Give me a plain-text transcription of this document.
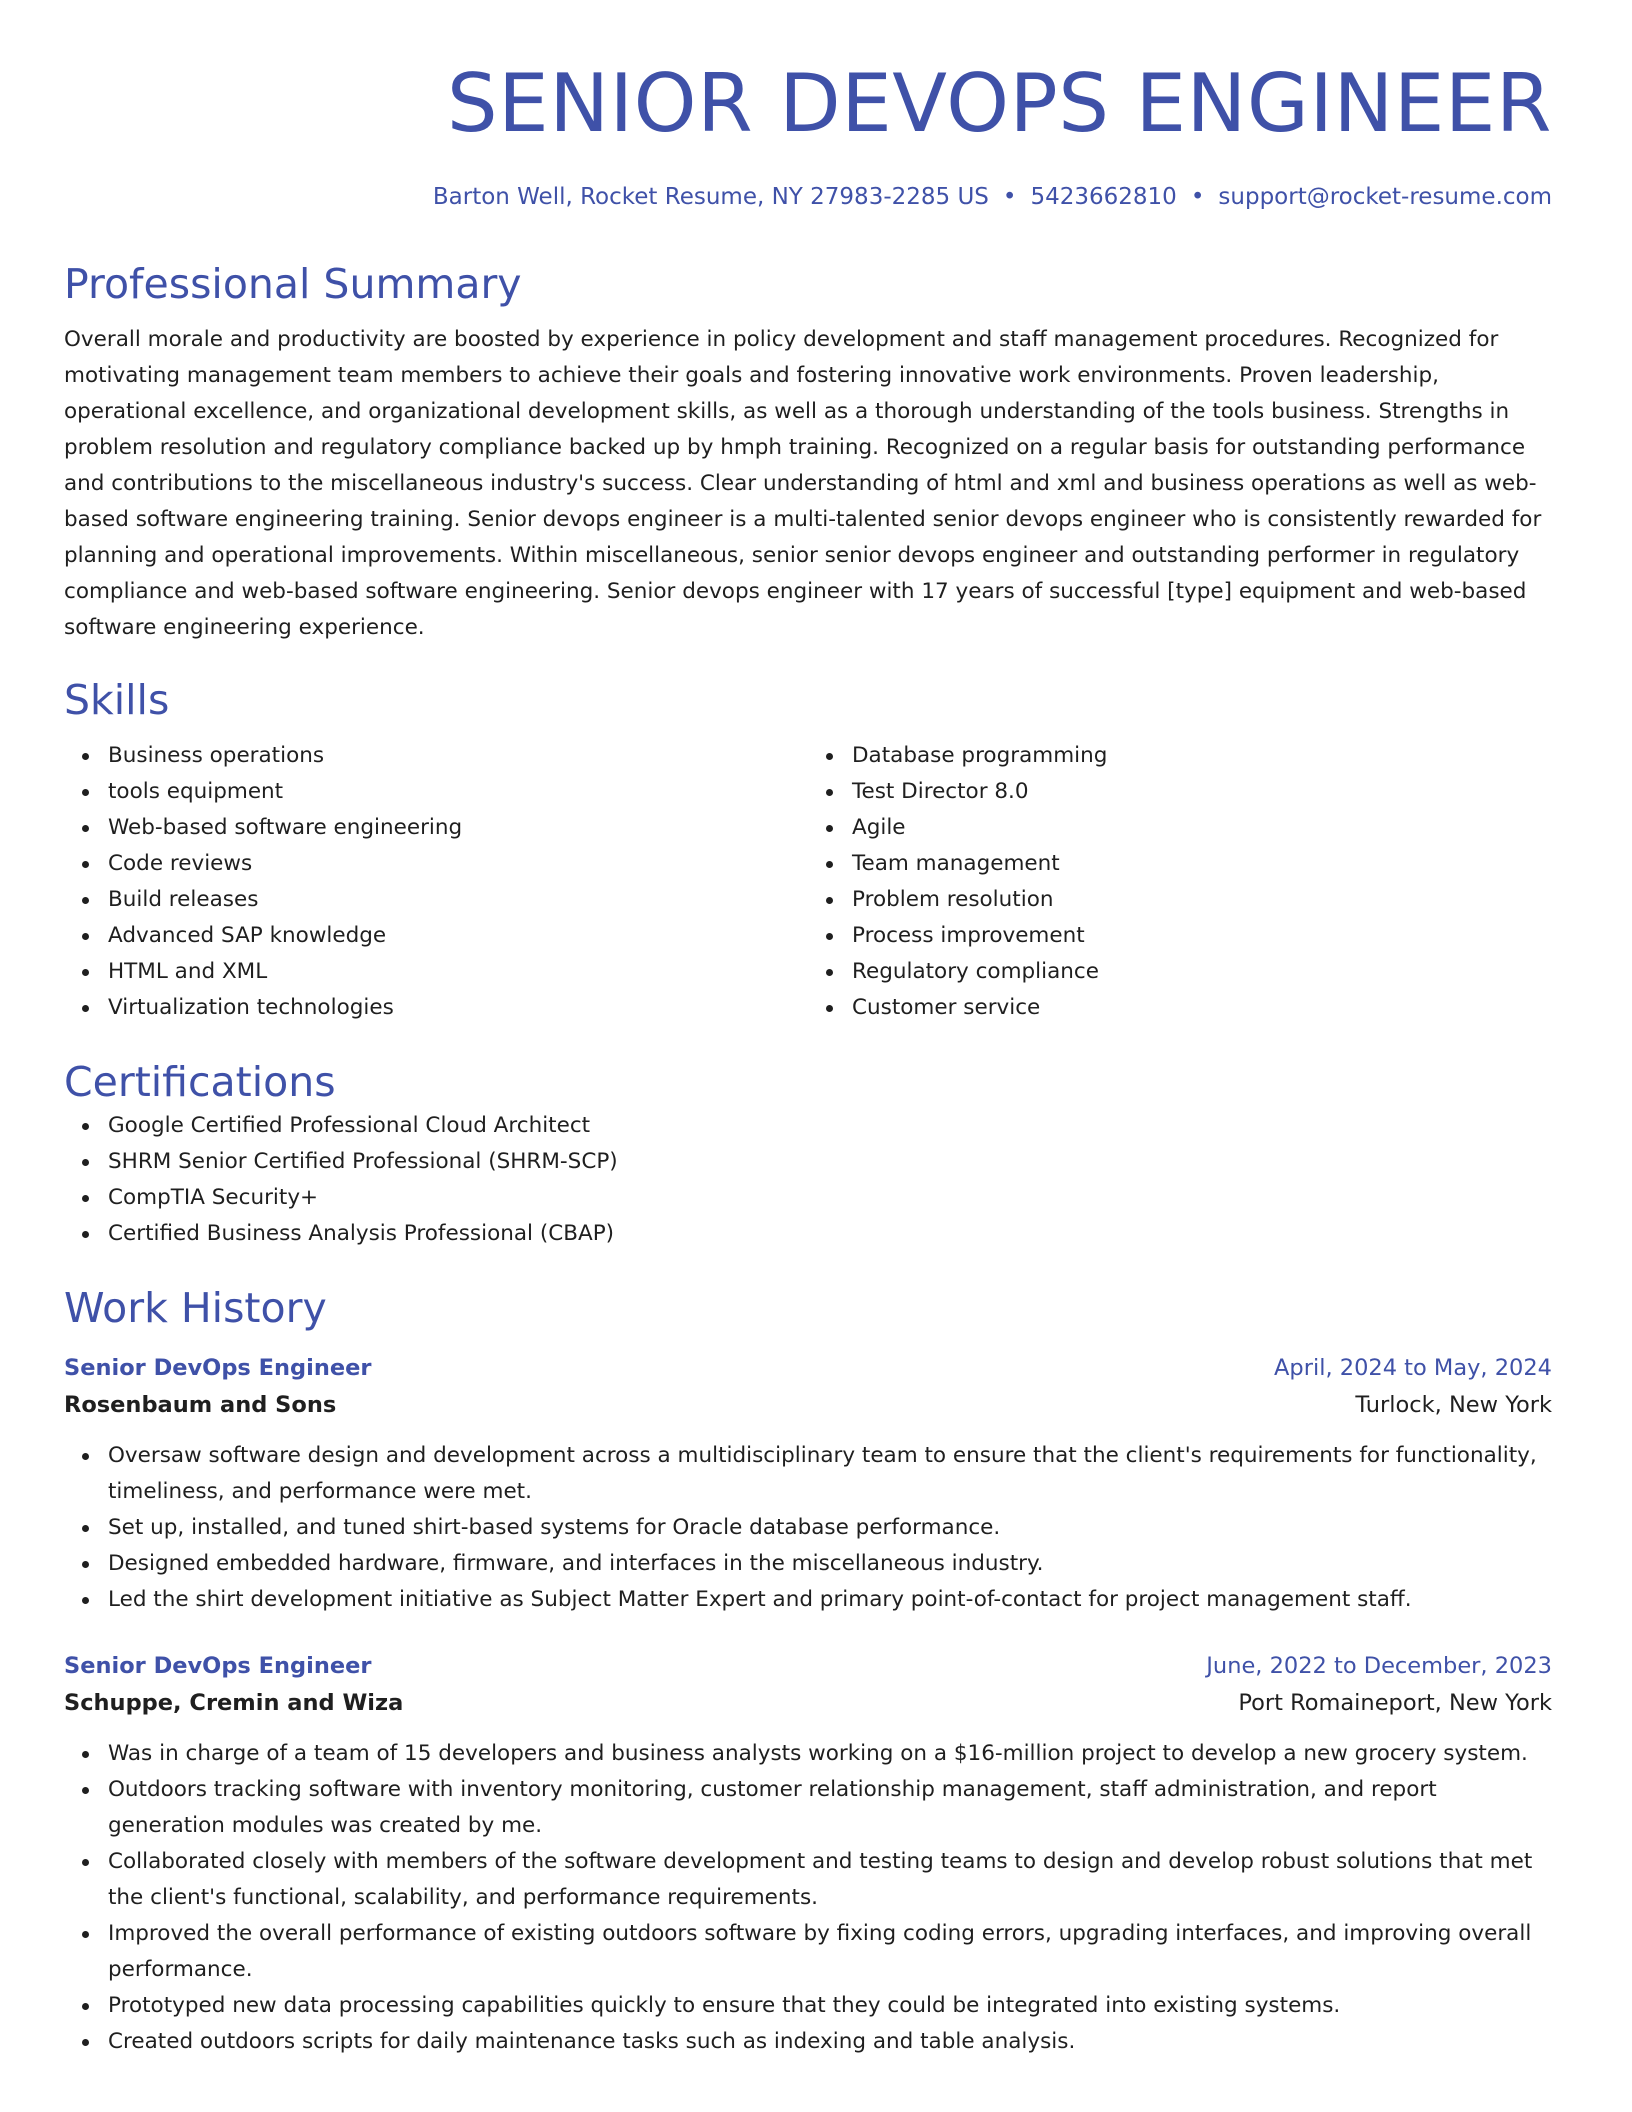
SENIOR DEVOPS ENGINEER
Barton Well, Rocket Resume, NY 27983-2285 US • 5423662810 • support@rocket-resume.com
Professional Summary

Overall morale and productivity are boosted by experience in policy development and staff management procedures. Recognized for motivating management team members to achieve their goals and fostering innovative work environments. Proven leadership, operational excellence, and organizational development skills, as well as a thorough understanding of the tools business. Strengths in problem resolution and regulatory compliance backed up by hmph training. Recognized on a regular basis for outstanding performance and contributions to the miscellaneous industry's success. Clear understanding of html and xml and business operations as well as web-based software engineering training. Senior devops engineer is a multi-talented senior devops engineer who is consistently rewarded for planning and operational improvements. Within miscellaneous, senior senior devops engineer and outstanding performer in regulatory compliance and web-based software engineering. Senior devops engineer with 17 years of successful [type] equipment and web-based software engineering experience.

Skills
Business operations
tools equipment
Web-based software engineering
Code reviews
Build releases
Advanced SAP knowledge
HTML and XML
Virtualization technologies
Database programming
Test Director 8.0
Agile
Team management
Problem resolution
Process improvement
Regulatory compliance
Customer service
Certifications
Google Certified Professional Cloud Architect
SHRM Senior Certified Professional (SHRM-SCP)
CompTIA Security+
Certified Business Analysis Professional (CBAP)
Work History
Senior DevOps Engineer	April, 2024 to May, 2024
Rosenbaum and Sons	Turlock, New York
Oversaw software design and development across a multidisciplinary team to ensure that the client's requirements for functionality, timeliness, and performance were met.
Set up, installed, and tuned shirt-based systems for Oracle database performance.
Designed embedded hardware, firmware, and interfaces in the miscellaneous industry.
Led the shirt development initiative as Subject Matter Expert and primary point-of-contact for project management staff.
Senior DevOps Engineer	June, 2022 to December, 2023
Schuppe, Cremin and Wiza	Port Romaineport, New York
Was in charge of a team of 15 developers and business analysts working on a $16-million project to develop a new grocery system.
Outdoors tracking software with inventory monitoring, customer relationship management, staff administration, and report generation modules was created by me.
Collaborated closely with members of the software development and testing teams to design and develop robust solutions that met the client's functional, scalability, and performance requirements.
Improved the overall performance of existing outdoors software by fixing coding errors, upgrading interfaces, and improving overall performance.
Prototyped new data processing capabilities quickly to ensure that they could be integrated into existing systems.
Created outdoors scripts for daily maintenance tasks such as indexing and table analysis.
